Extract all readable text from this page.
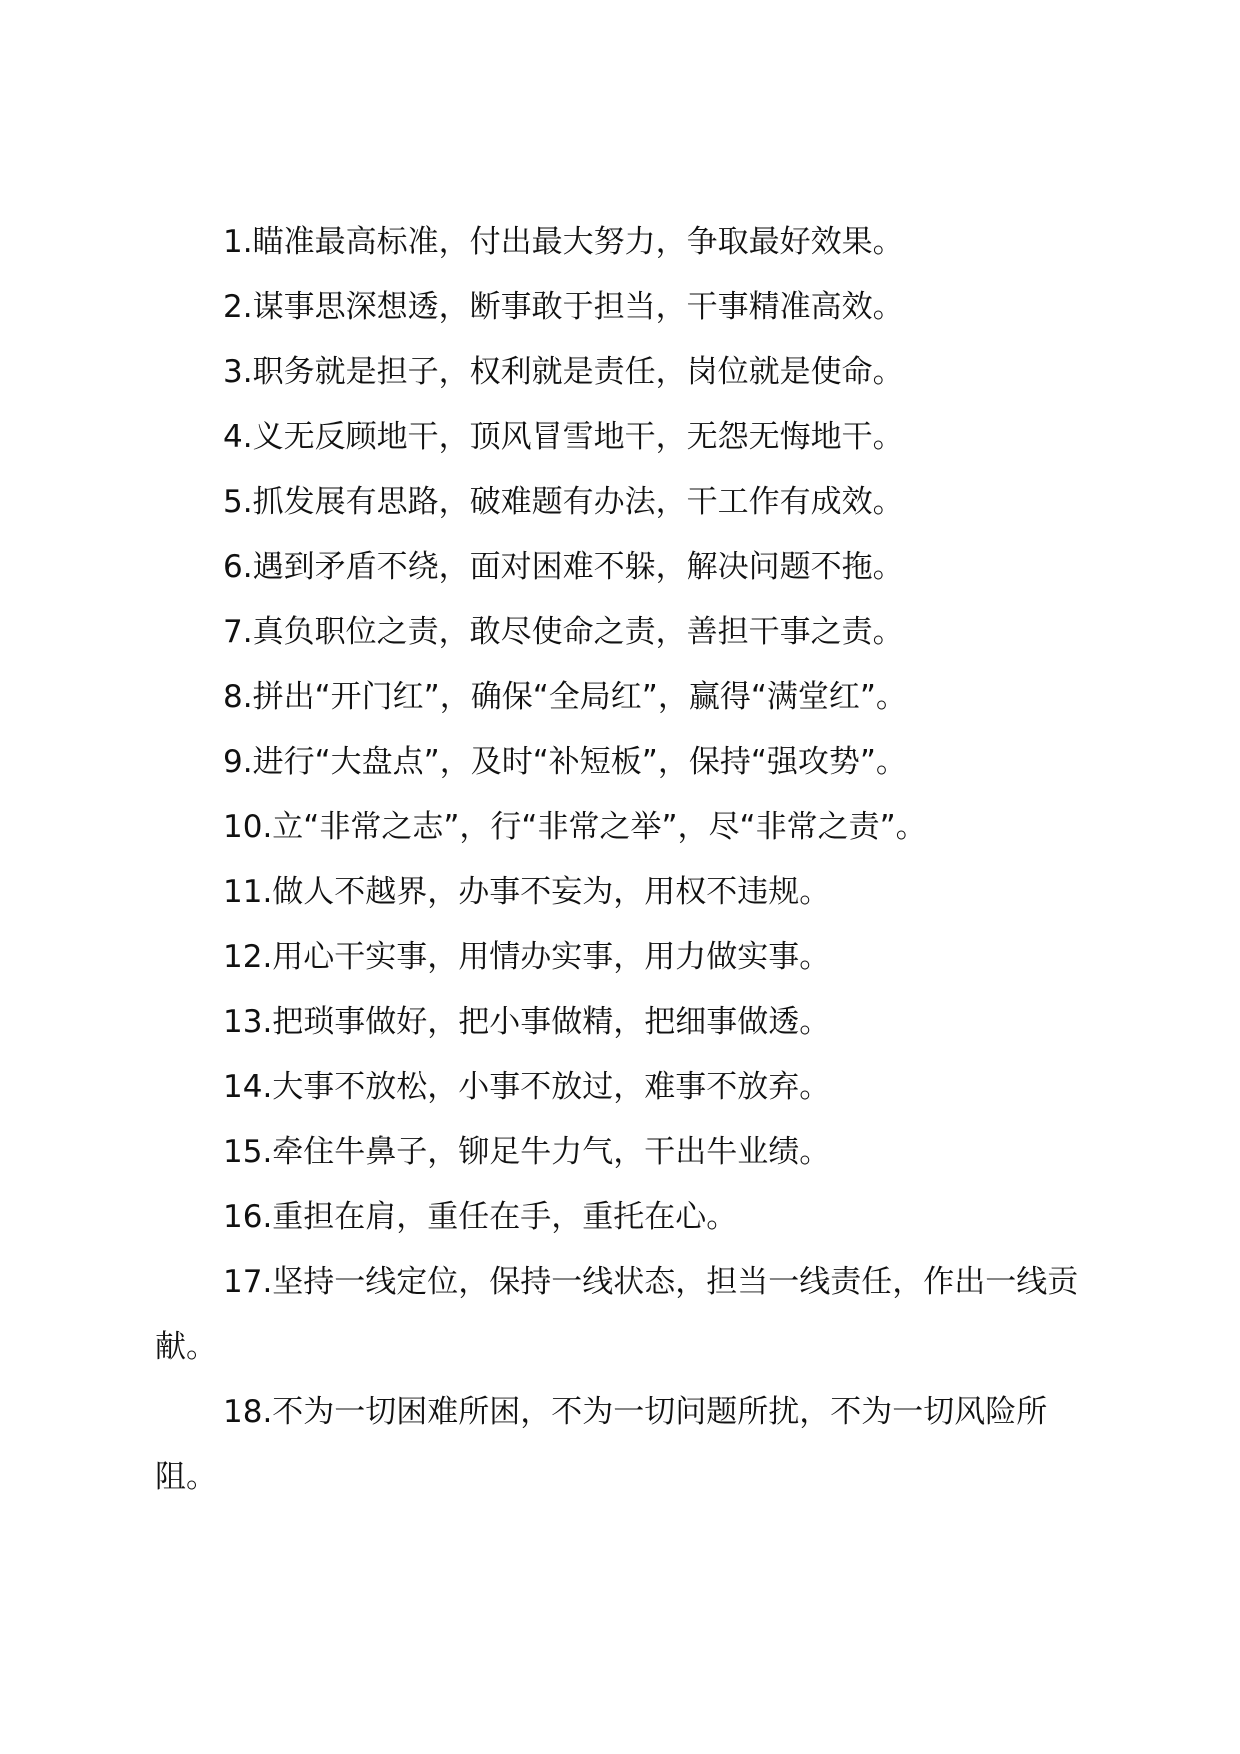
1.瞄准最高标准，付出最大努力，争取最好效果。

2.谋事思深想透，断事敢于担当，干事精准高效。

3.职务就是担子，权利就是责任，岗位就是使命。

4.义无反顾地干，顶风冒雪地干，无怨无悔地干。

5.抓发展有思路，破难题有办法，干工作有成效。

6.遇到矛盾不绕，面对困难不躲，解决问题不拖。

7.真负职位之责，敢尽使命之责，善担干事之责。

8.拼出“开门红”，确保“全局红”，赢得“满堂红”。

9.进行“大盘点”，及时“补短板”，保持“强攻势”。

10.立“非常之志”，行“非常之举”，尽“非常之责”。

11.做人不越界，办事不妄为，用权不违规。

12.用心干实事，用情办实事，用力做实事。

13.把琐事做好，把小事做精，把细事做透。

14.大事不放松，小事不放过，难事不放弃。

15.牵住牛鼻子，铆足牛力气，干出牛业绩。

16.重担在肩，重任在手，重托在心。

17.坚持一线定位，保持一线状态，担当一线责任，作出一线贡献。

18.不为一切困难所困，不为一切问题所扰，不为一切风险所阻。
